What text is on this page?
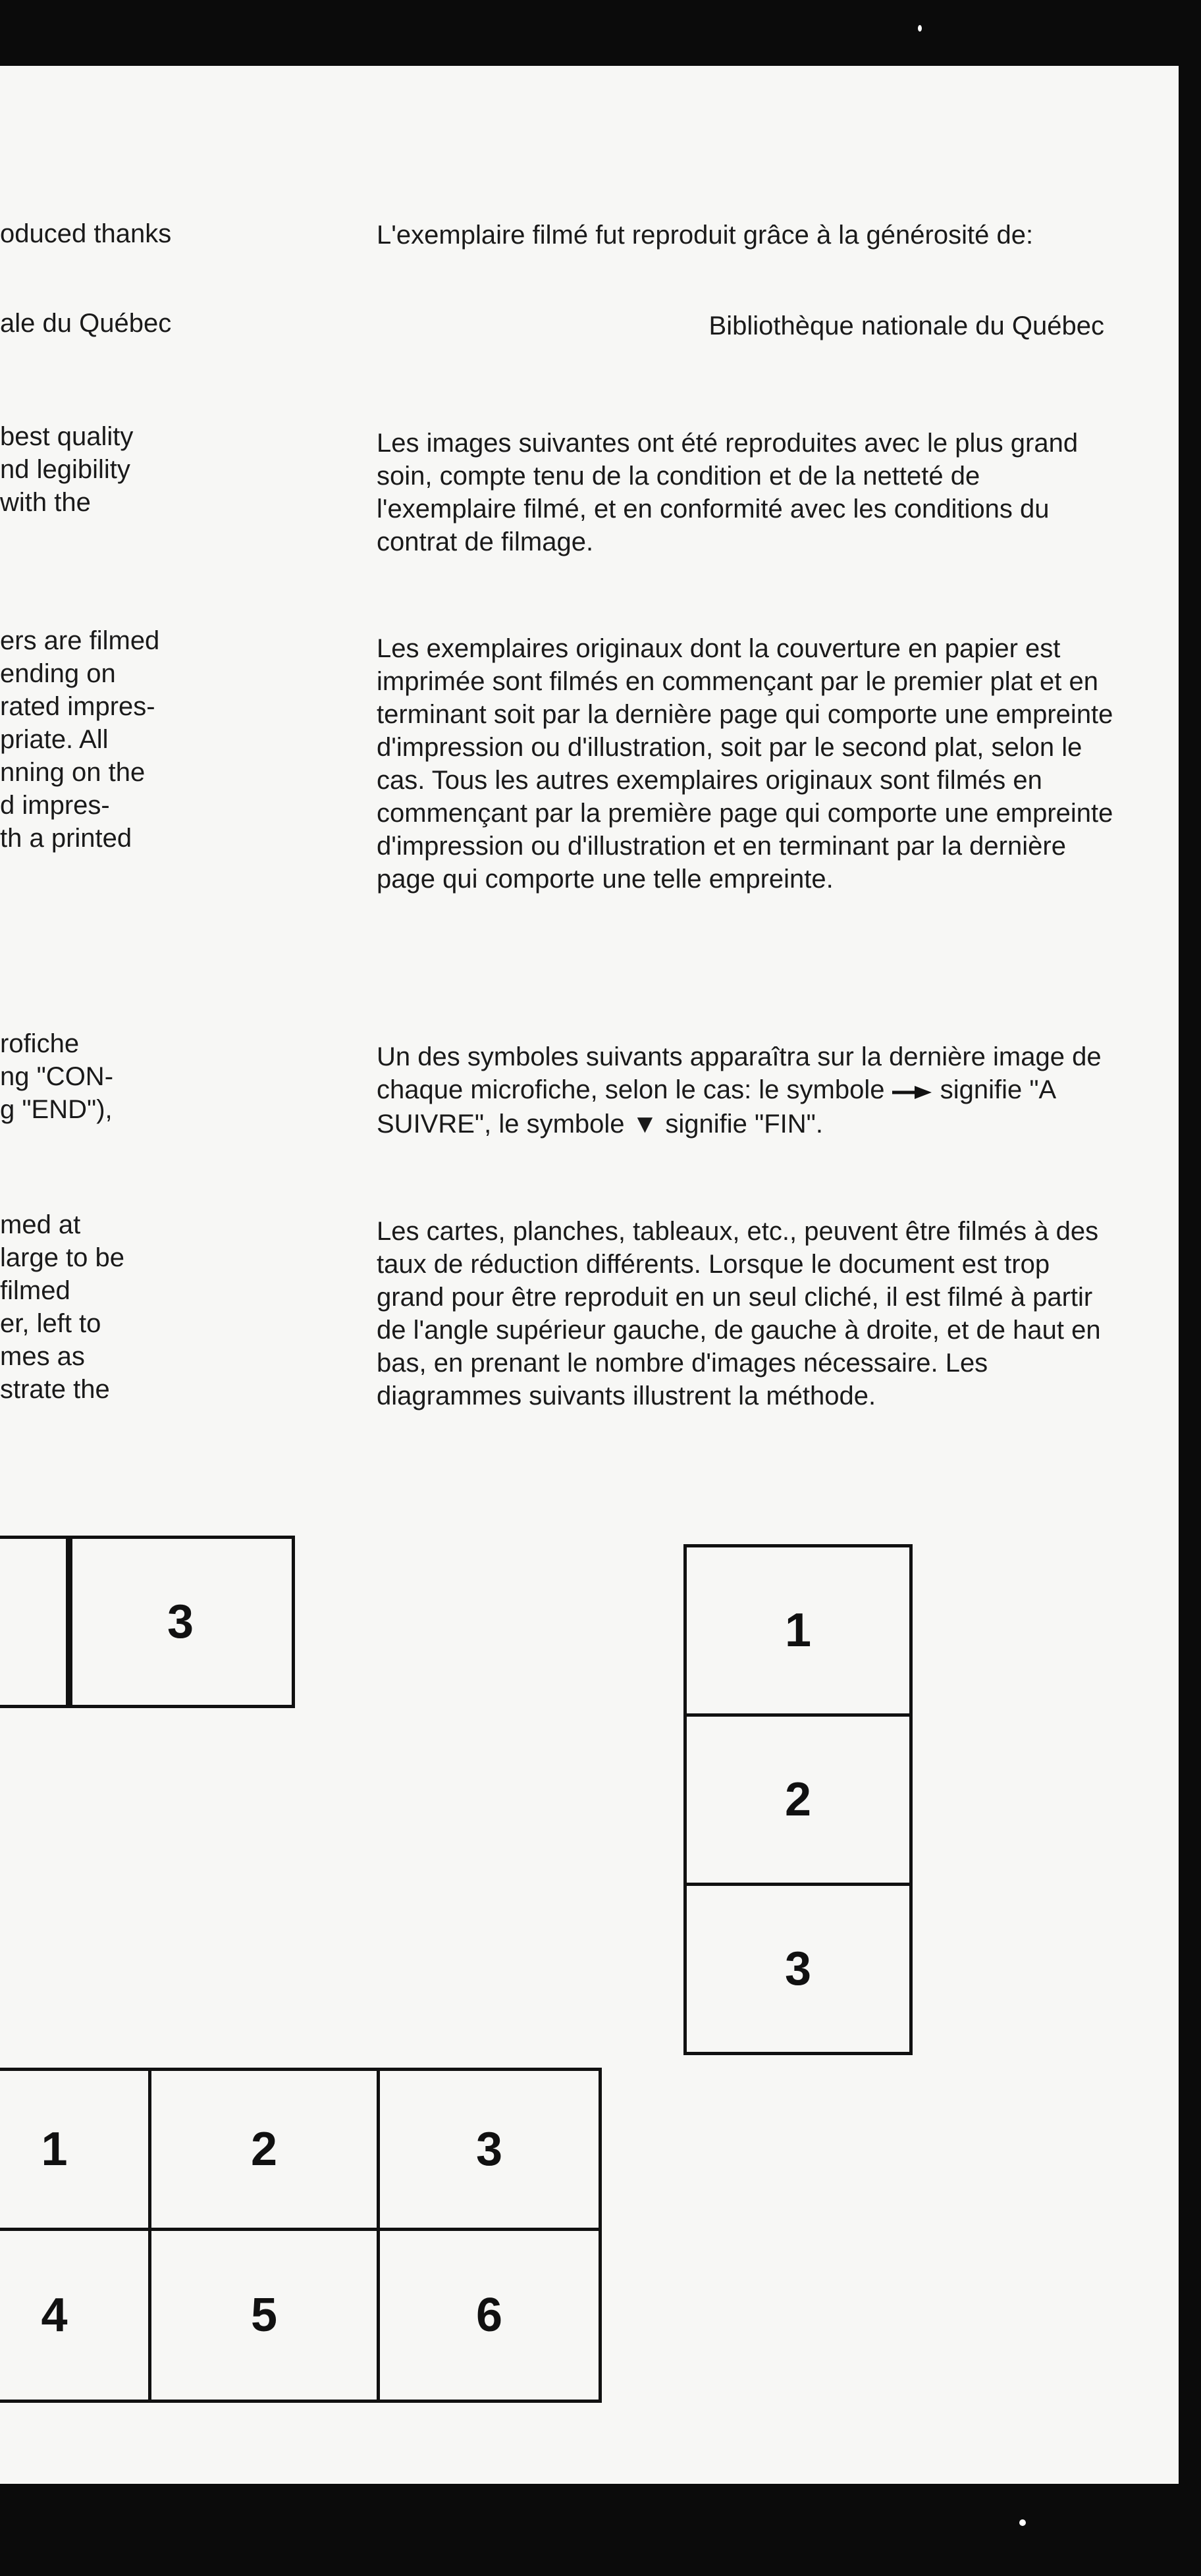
oduced thanks
ale du Québec
best quality
nd legibility
with the
ers are filmed
ending on
rated impres-
priate. All
nning on the
d impres-
th a printed
rofiche
ng "CON-
g "END"),
med at
large to be
filmed
er, left to
mes as
strate the
L'exemplaire filmé fut reproduit grâce à la générosité de:
Bibliothèque nationale du Québec
Les images suivantes ont été reproduites avec le plus grand soin, compte tenu de la condition et de la netteté de l'exemplaire filmé, et en conformité avec les conditions du contrat de filmage.
Les exemplaires originaux dont la couverture en papier est imprimée sont filmés en commençant par le premier plat et en terminant soit par la dernière page qui comporte une empreinte d'impression ou d'illustration, soit par le second plat, selon le cas. Tous les autres exemplaires originaux sont filmés en commençant par la première page qui comporte une empreinte d'impression ou d'illustration et en terminant par la dernière page qui comporte une telle empreinte.
Un des symboles suivants apparaîtra sur la dernière image de chaque microfiche, selon le cas: le symbole  signifie "A SUIVRE", le symbole ▼ signifie "FIN".
Les cartes, planches, tableaux, etc., peuvent être filmés à des taux de réduction différents. Lorsque le document est trop grand pour être reproduit en un seul cliché, il est filmé à partir de l'angle supérieur gauche, de gauche à droite, et de haut en bas, en prenant le nombre d'images nécessaire. Les diagrammes suivants illustrent la méthode.
3	1
2
3
1	2	3
4	5	6
